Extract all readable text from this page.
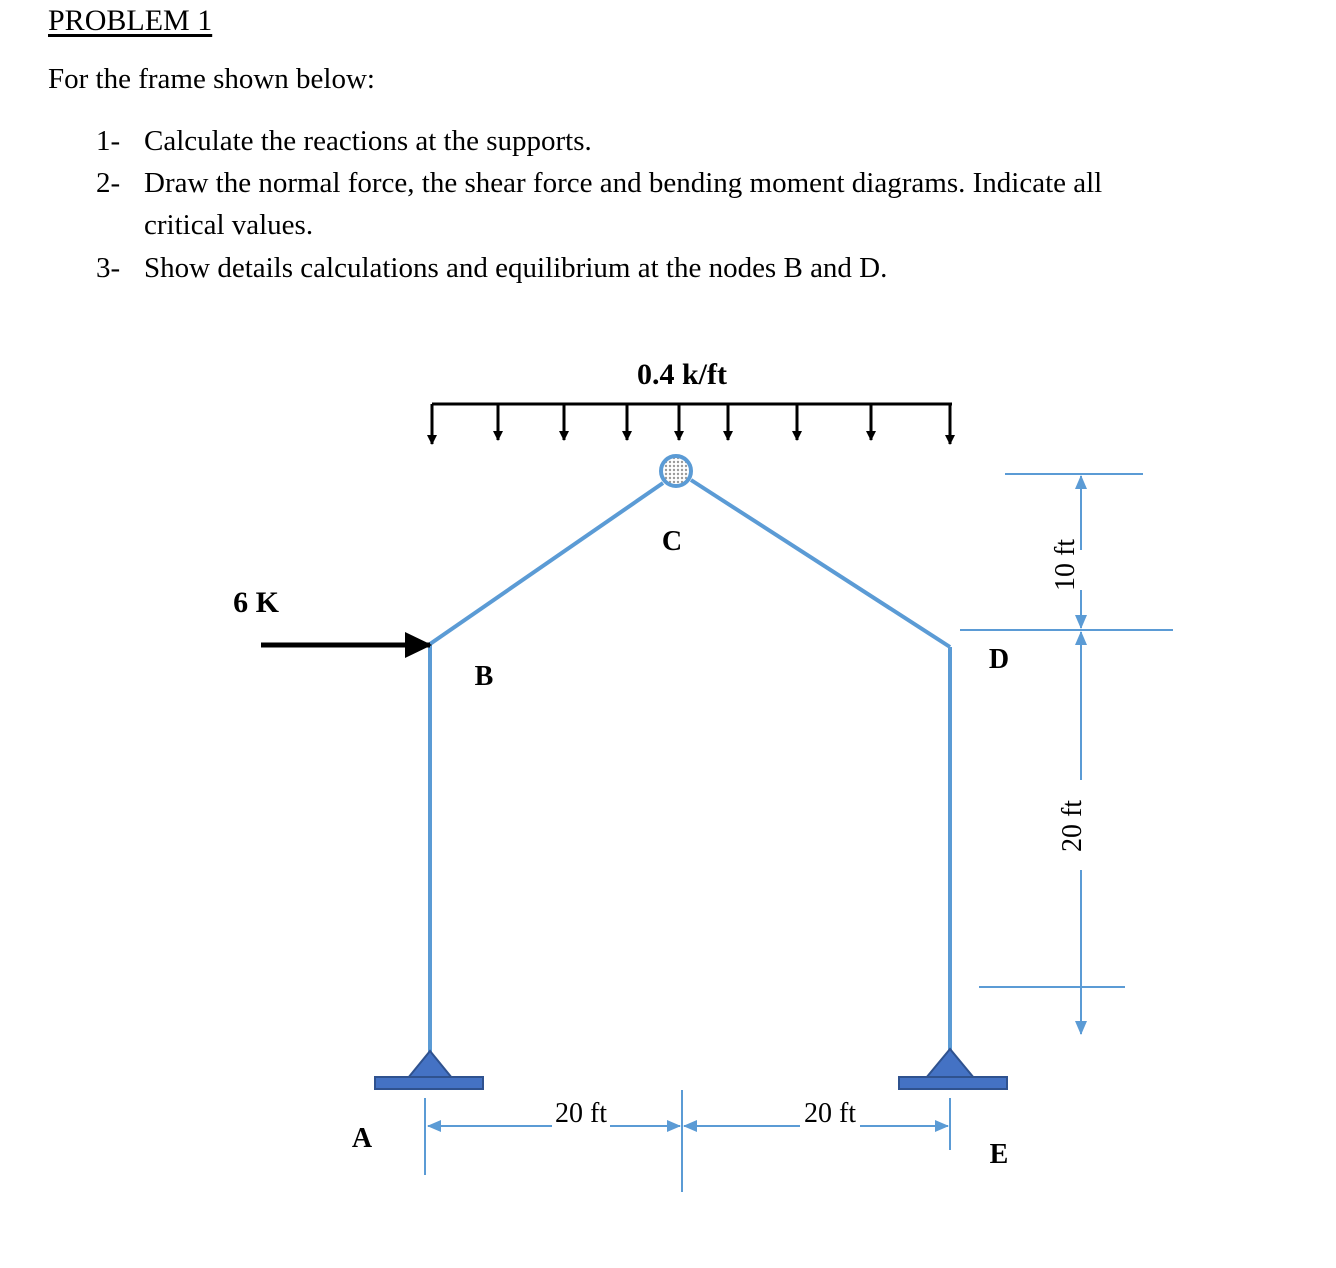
PROBLEM 1
For the frame shown below:
1- Calculate the reactions at the supports.
2- Draw the normal force, the shear force and bending moment diagrams. Indicate all
critical values.
3- Show details calculations and equilibrium at the nodes B and D.
0.4 k/ft
6 K
A
B
C
D
E
20 ft	20 ft
10 ft
20 ft
